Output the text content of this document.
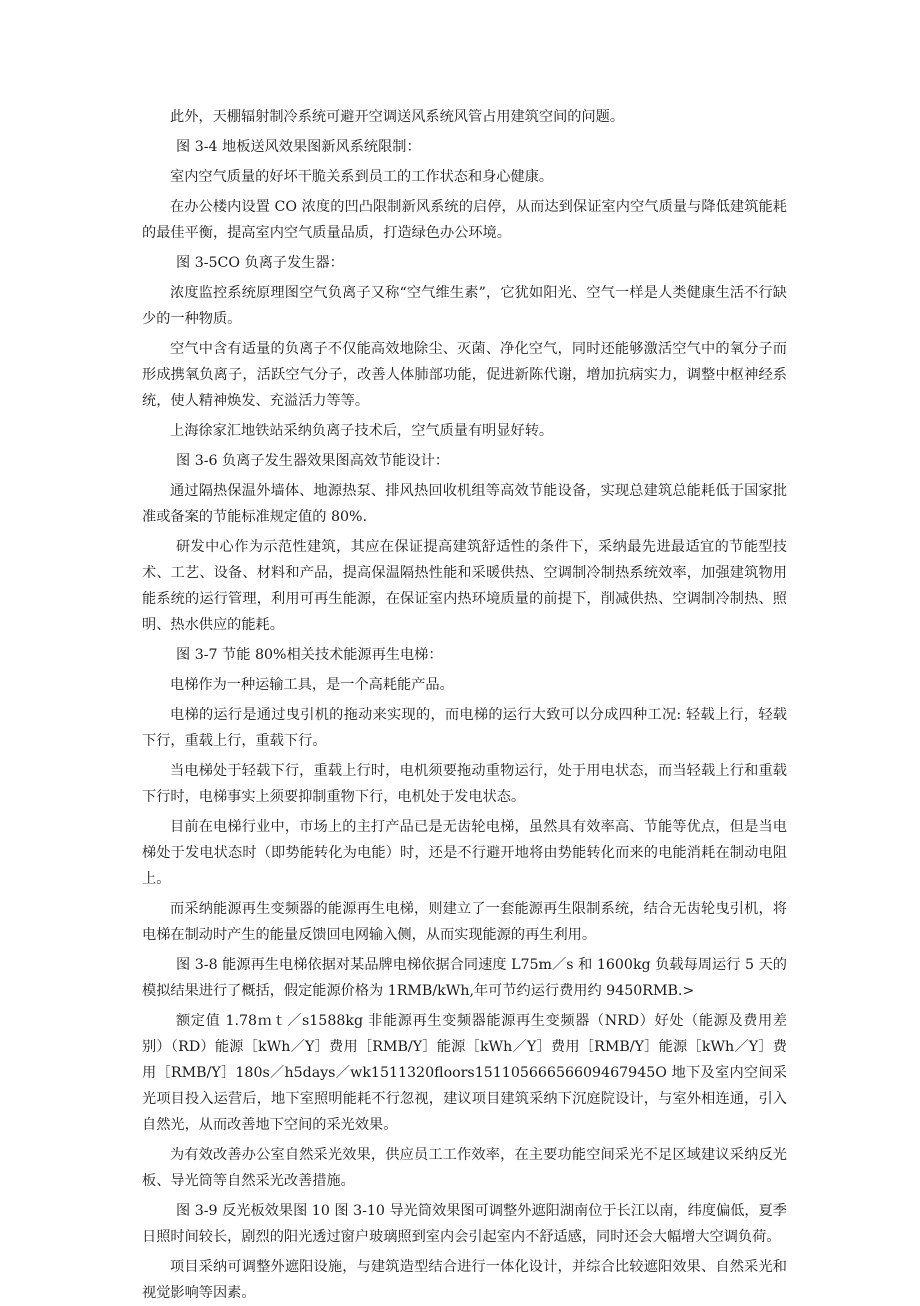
此外，天棚辐射制冷系统可避开空调送风系统风管占用建筑空间的问题。

图 3-4 地板送风效果图新风系统限制：

室内空气质量的好坏干脆关系到员工的工作状态和身心健康。

在办公楼内设置 CO 浓度的凹凸限制新风系统的启停，从而达到保证室内空气质量与降低建筑能耗的最佳平衡，提高室内空气质量品质，打造绿色办公环境。

图 3-5CO 负离子发生器：

浓度监控系统原理图空气负离子又称“空气维生素”，它犹如阳光、空气一样是人类健康生活不行缺少的一种物质。

空气中含有适量的负离子不仅能高效地除尘、灭菌、净化空气，同时还能够激活空气中的氧分子而形成携氧负离子，活跃空气分子，改善人体肺部功能，促进新陈代谢，增加抗病实力，调整中枢神经系统，使人精神焕发、充溢活力等等。

上海徐家汇地铁站采纳负离子技术后，空气质量有明显好转。

图 3-6 负离子发生器效果图高效节能设计：

通过隔热保温外墙体、地源热泵、排风热回收机组等高效节能设备，实现总建筑总能耗低于国家批准或备案的节能标准规定值的 80%.

研发中心作为示范性建筑，其应在保证提高建筑舒适性的条件下，采纳最先进最适宜的节能型技术、工艺、设备、材料和产品，提高保温隔热性能和采暖供热、空调制冷制热系统效率，加强建筑物用能系统的运行管理，利用可再生能源，在保证室内热环境质量的前提下，削减供热、空调制冷制热、照明、热水供应的能耗。

图 3-7 节能 80%相关技术能源再生电梯：

电梯作为一种运输工具，是一个高耗能产品。

电梯的运行是通过曳引机的拖动来实现的，而电梯的运行大致可以分成四种工况: 轻载上行，轻载下行，重载上行，重载下行。

当电梯处于轻载下行，重载上行时，电机须要拖动重物运行，处于用电状态，而当轻载上行和重载下行时，电梯事实上须要抑制重物下行，电机处于发电状态。

目前在电梯行业中，市场上的主打产品已是无齿轮电梯，虽然具有效率高、节能等优点，但是当电梯处于发电状态时（即势能转化为电能）时，还是不行避开地将由势能转化而来的电能消耗在制动电阻上。

而采纳能源再生变频器的能源再生电梯，则建立了一套能源再生限制系统，结合无齿轮曳引机，将电梯在制动时产生的能量反馈回电网输入侧，从而实现能源的再生利用。

图 3-8 能源再生电梯依据对某品牌电梯依据合同速度 L75m／s 和 1600kg 负载每周运行 5 天的模拟结果进行了概括，假定能源价格为 1RMB/kWh,年可节约运行费用约 9450RMB.>

额定值 1.78ｍｔ／s1588kg 非能源再生变频器能源再生变频器（NRD）好处（能源及费用差别）（RD）能源［kWh／Y］费用［RMB/Y］能源［kWh／Y］费用［RMB/Y］能源［kWh／Y］费用［RMB/Y］180s／h5days／wk1511320floors15110566656609467945O 地下及室内空间采光项目投入运营后，地下室照明能耗不行忽视，建议项目建筑采纳下沉庭院设计，与室外相连通，引入自然光，从而改善地下空间的采光效果。

为有效改善办公室自然采光效果，供应员工工作效率，在主要功能空间采光不足区域建议采纳反光板、导光筒等自然采光改善措施。

图 3-9 反光板效果图 10 图 3-10 导光筒效果图可调整外遮阳湖南位于长江以南，纬度偏低，夏季日照时间较长，剧烈的阳光透过窗户玻璃照到室内会引起室内不舒适感，同时还会大幅增大空调负荷。

项目采纳可调整外遮阳设施，与建筑造型结合进行一体化设计，并综合比较遮阳效果、自然采光和视觉影响等因素。
